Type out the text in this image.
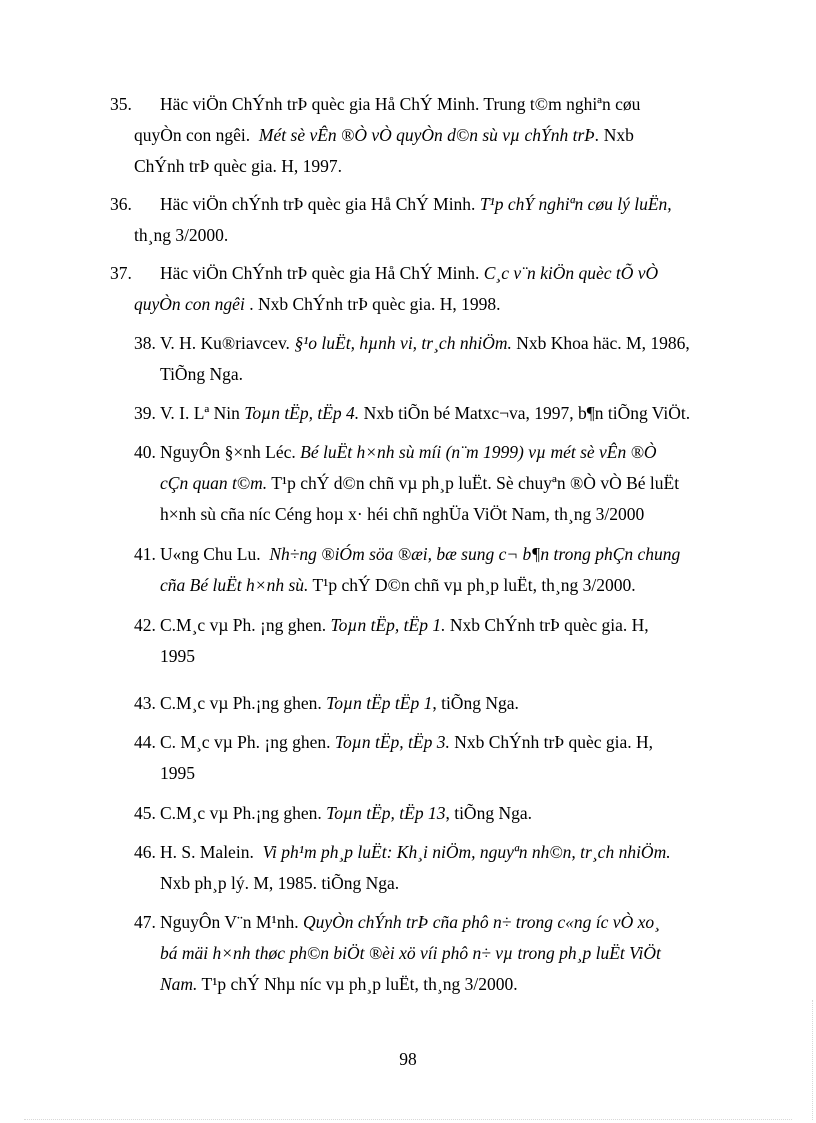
35. Häc viÖn ChÝnh trÞ quèc gia Hå ChÝ Minh. Trung t©m nghiªn cøu
quyÒn con ngêi. Mét sè vÊn ®Ò vÒ quyÒn d©n sù vµ chÝnh trÞ. Nxb
ChÝnh trÞ quèc gia. H, 1997.
36. Häc viÖn chÝnh trÞ quèc gia Hå ChÝ Minh. T¹p chÝ nghiªn cøu lý luËn,
th¸ng 3/2000.
37. Häc viÖn ChÝnh trÞ quèc gia Hå ChÝ Minh. C¸c v¨n kiÖn quèc tÕ vÒ
quyÒn con ngêi . Nxb ChÝnh trÞ quèc gia. H, 1998.
38. V. H. Ku®riavcev. §¹o luËt, hµnh vi, tr¸ch nhiÖm. Nxb Khoa häc. M, 1986,
TiÕng Nga.
39. V. I. Lª Nin Toµn tËp, tËp 4. Nxb tiÕn bé Matxc¬va, 1997, b¶n tiÕng ViÖt.
40. NguyÔn §×nh Léc. Bé luËt h×nh sù míi (n¨m 1999) vµ mét sè vÊn ®Ò
cÇn quan t©m. T¹p chÝ d©n chñ vµ ph¸p luËt. Sè chuyªn ®Ò vÒ Bé luËt
h×nh sù cña níc Céng hoµ x· héi chñ nghÜa ViÖt Nam, th¸ng 3/2000
41. U«ng Chu Lu. Nh÷ng ®iÓm söa ®æi, bæ sung c¬ b¶n trong phÇn chung
cña Bé luËt h×nh sù. T¹p chÝ D©n chñ vµ ph¸p luËt, th¸ng 3/2000.
42. C.M¸c vµ Ph. ¡ng ghen. Toµn tËp, tËp 1. Nxb ChÝnh trÞ quèc gia. H,
1995
43. C.M¸c vµ Ph.¡ng ghen. Toµn tËp tËp 1, tiÕng Nga.
44. C. M¸c vµ Ph. ¡ng ghen. Toµn tËp, tËp 3. Nxb ChÝnh trÞ quèc gia. H,
1995
45. C.M¸c vµ Ph.¡ng ghen. Toµn tËp, tËp 13, tiÕng Nga.
46. H. S. Malein. Vi ph¹m ph¸p luËt: Kh¸i niÖm, nguyªn nh©n, tr¸ch nhiÖm.
Nxb ph¸p lý. M, 1985. tiÕng Nga.
47. NguyÔn V¨n M¹nh. QuyÒn chÝnh trÞ cña phô n÷ trong c«ng íc vÒ xo¸
bá mäi h×nh thøc ph©n biÖt ®èi xö víi phô n÷ vµ trong ph¸p luËt ViÖt
Nam. T¹p chÝ Nhµ níc vµ ph¸p luËt, th¸ng 3/2000.
98
